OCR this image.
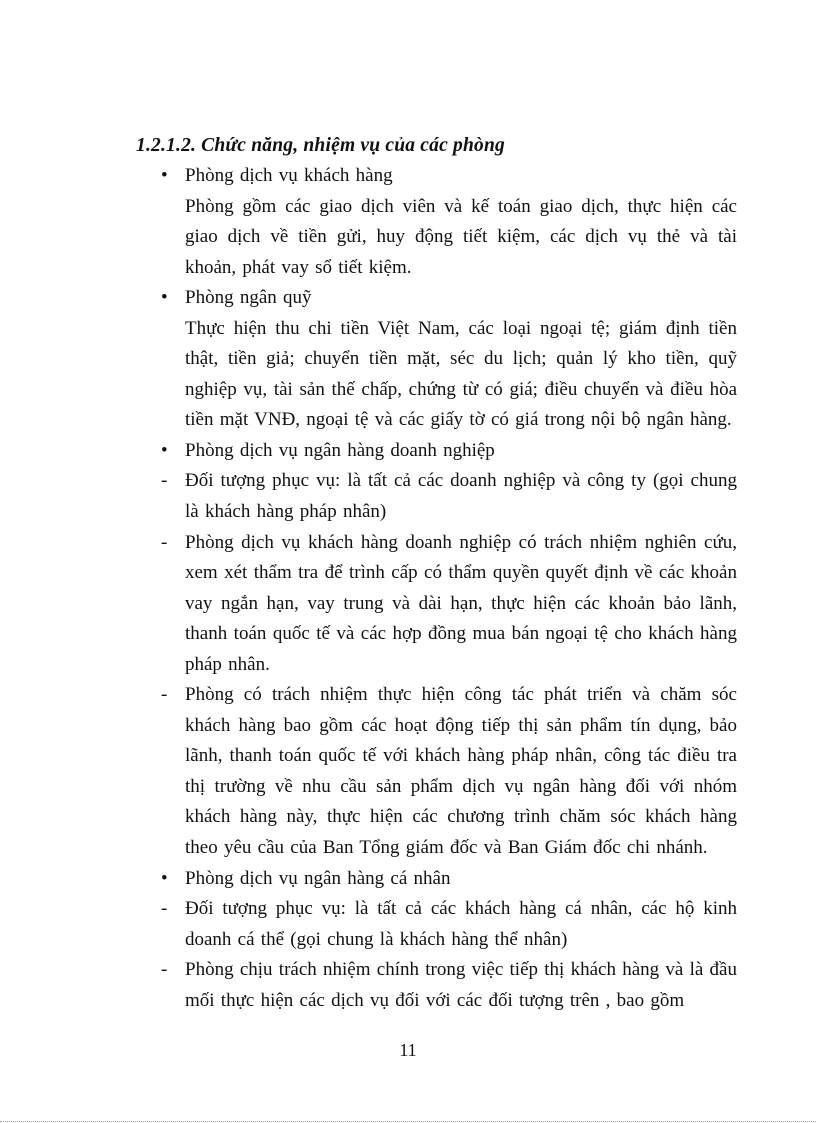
1.2.1.2. Chức năng, nhiệm vụ của các phòng
• Phòng dịch vụ khách hàng
Phòng gồm các giao dịch viên và kế toán giao dịch, thực hiện các giao dịch về tiền gửi, huy động tiết kiệm, các dịch vụ thẻ và tài khoản, phát vay sổ tiết kiệm.
• Phòng ngân quỹ
Thực hiện thu chi tiền Việt Nam, các loại ngoại tệ; giám định tiền thật, tiền giả; chuyển tiền mặt, séc du lịch; quản lý kho tiền, quỹ nghiệp vụ, tài sản thế chấp, chứng từ có giá; điều chuyển và điều hòa tiền mặt VNĐ, ngoại tệ và các giấy tờ có giá trong nội bộ ngân hàng.
• Phòng dịch vụ ngân hàng doanh nghiệp
- Đối tượng phục vụ: là tất cả các doanh nghiệp và công ty (gọi chung là khách hàng pháp nhân)
- Phòng dịch vụ khách hàng doanh nghiệp có trách nhiệm nghiên cứu, xem xét thẩm tra để trình cấp có thẩm quyền quyết định về các khoản vay ngắn hạn, vay trung và dài hạn, thực hiện các khoản bảo lãnh, thanh toán quốc tế và các hợp đồng mua bán ngoại tệ cho khách hàng pháp nhân.
- Phòng có trách nhiệm thực hiện công tác phát triển và chăm sóc khách hàng bao gồm các hoạt động tiếp thị sản phẩm tín dụng, bảo lãnh, thanh toán quốc tế với khách hàng pháp nhân, công tác điều tra thị trường về nhu cầu sản phẩm dịch vụ ngân hàng đối với nhóm khách hàng này, thực hiện các chương trình chăm sóc khách hàng theo yêu cầu của Ban Tổng giám đốc và Ban Giám đốc chi nhánh.
• Phòng dịch vụ ngân hàng cá nhân
- Đối tượng phục vụ: là tất cả các khách hàng cá nhân, các hộ kinh doanh cá thể (gọi chung là khách hàng thể nhân)
- Phòng chịu trách nhiệm chính trong việc tiếp thị khách hàng và là đầu mối thực hiện các dịch vụ đối với các đối tượng trên , bao gồm
11
